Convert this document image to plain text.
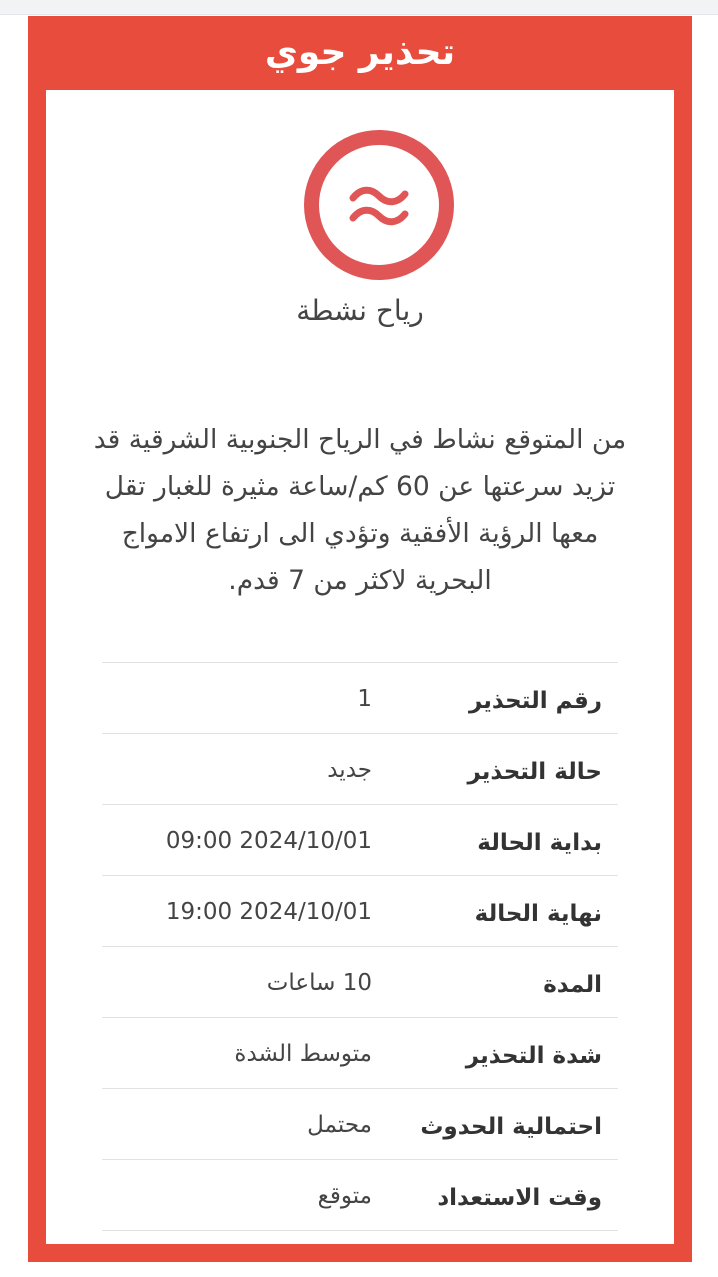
تحذير جوي
رياح نشطة
من المتوقع نشاط في الرياح الجنوبية الشرقية قد تزيد سرعتها عن 60 كم/ساعة مثيرة للغبار تقل معها الرؤية الأفقية وتؤدي الى ارتفاع الامواج البحرية لاكثر من 7 قدم.
رقم التحذير
1
حالة التحذير
جديد
بداية الحالة
2024/10/01 09:00
نهاية الحالة
2024/10/01 19:00
المدة
10 ساعات
شدة التحذير
متوسط الشدة
احتمالية الحدوث
محتمل
وقت الاستعداد
متوقع
